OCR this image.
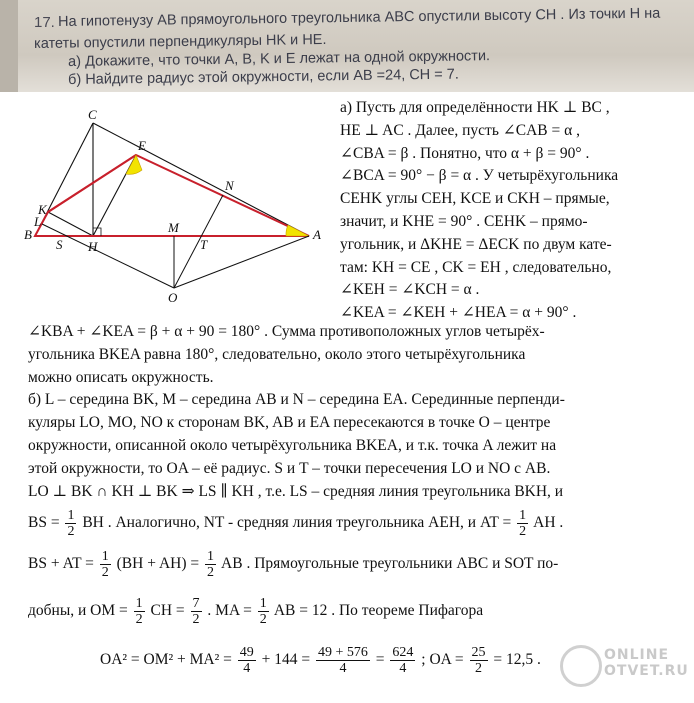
17. На гипотенузу AB прямоугольного треугольника ABC опустили высоту CH . Из точки H на
катеты опустили перпендикуляры HK и HE.
а) Докажите, что точки A, B, K и E лежат на одной окружности.
б) Найдите радиус этой окружности, если AB =24, CH = 7.
C
E
N
K
L
B
S H
M
T
A
O
а) Пусть для определённости HK ⊥ BC ,
HE ⊥ AC . Далее, пусть ∠CAB = α ,
∠CBA = β . Понятно, что α + β = 90° .
∠BCA = 90° − β = α . У четырёхугольника
CEHK углы CEH, KCE и CKH – прямые,
значит, и KHE = 90° . CEHK – прямо-
угольник, и ΔKHE = ΔECK по двум кате-
там: KH = CE , CK = EH , следовательно,
∠KEH = ∠KCH = α .
∠KEA = ∠KEH + ∠HEA = α + 90° .
∠KBA + ∠KEA = β + α + 90 = 180° . Сумма противоположных углов четырёх-
угольника BKEA равна 180°, следовательно, около этого четырёхугольника
можно описать окружность.
б) L – середина BK, M – середина AB и N – середина EA. Серединные перпенди-
куляры LO, MO, NO к сторонам BK, AB и EA пересекаются в точке O – центре
окружности, описанной около четырёхугольника BKEA, и т.к. точка A лежит на
этой окружности, то OA – её радиус. S и T – точки пересечения LO и NO с AB.
LO ⊥ BK ∩ KH ⊥ BK ⇒ LS ∥ KH , т.е. LS – средняя линия треугольника BKH, и
BS = $\frac{1}{2}$ BH . Аналогично, NT - средняя линия треугольника AEH, и AT = $\frac{1}{2}$ AH .
BS + AT = $\frac{1}{2} (BH + AH) = \frac{1}{2}$ AB . Прямоугольные треугольники ABC и SOT по-
добны, и OM = $\frac{1}{2}$ CH = $\frac{7}{2}$ . MA = $\frac{1}{2}$ AB = 12 . По теореме Пифагора
$OA^2 = OM^2 + MA^2 = \frac{49}{4} + 144 = \frac{49 + 576}{4} = \frac{624}{4}$ ; OA = $\frac{25}{2} = 12,5$ .	ONLINE
OTVET.RU
